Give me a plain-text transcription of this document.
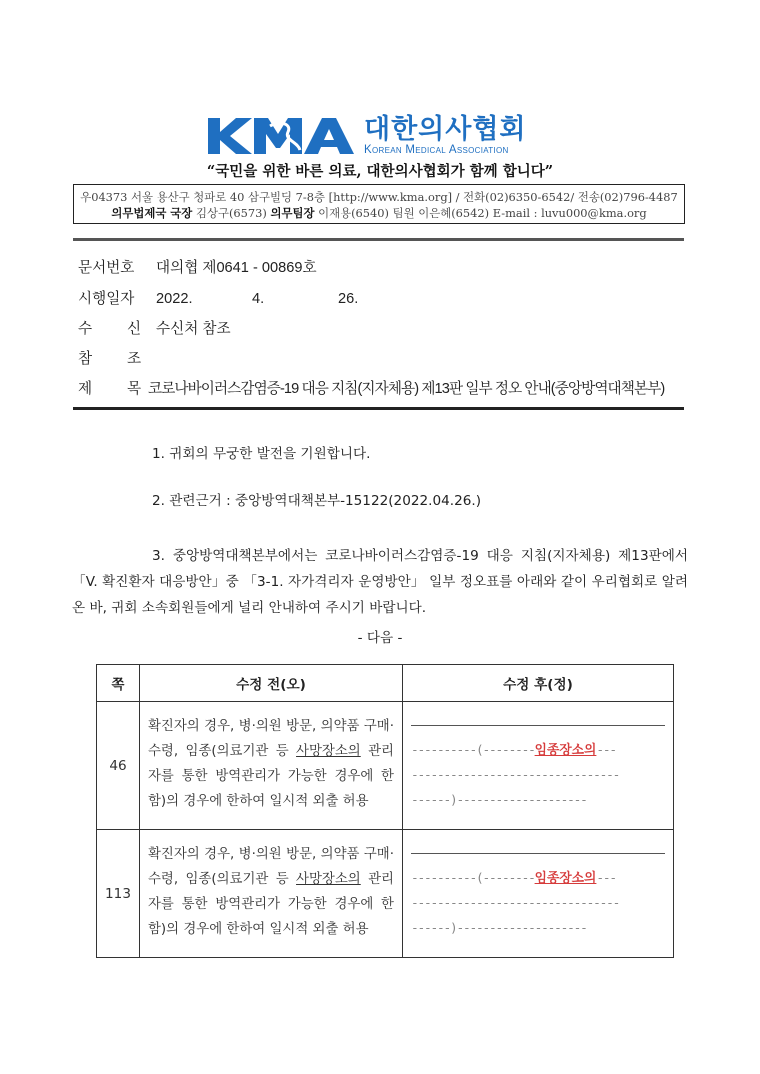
대한의사협회
Korean Medical Association
“국민을 위한 바른 의료, 대한의사협회가 함께 합니다”
우04373 서울 용산구 청파로 40 삼구빌딩 7-8층 [http://www.kma.org] / 전화(02)6350-6542/ 전송(02)796-4487
의무법제국 국장 김상구(6573) 의무팀장 이재용(6540) 팀원 이은혜(6542) E-mail : luvu000@kma.org
문서번호 대의협 제0641 - 00869호
시행일자 2022.	4.	26.
수 신 수신처 참조
참 조
제 목 코로나바이러스감염증-19 대응 지침(지자체용) 제13판 일부 정오 안내(중앙방역대책본부)
1. 귀회의 무궁한 발전을 기원합니다.
2. 관련근거 : 중앙방역대책본부-15122(2022.04.26.)
3. 중앙방역대책본부에서는 코로나바이러스감염증-19 대응 지침(지자체용) 제13판에서 「V. 확진환자 대응방안」중 「3-1. 자가격리자 운영방안」 일부 정오표를 아래와 같이 우리협회로 알려온 바, 귀회 소속회원들에게 널리 안내하여 주시기 바랍니다.
- 다음 -
쪽	수정 전(오)	수정 후(정)
46	확진자의 경우, 병·의원 방문, 의약품 구매·수령, 임종(의료기관 등 사망장소의 관리자를 통한 방역관리가 가능한 경우에 한함)의 경우에 한하여 일시적 외출 허용	----------(--------임종장소의---
--------------------------------
------)--------------------

113	확진자의 경우, 병·의원 방문, 의약품 구매·수령, 임종(의료기관 등 사망장소의 관리자를 통한 방역관리가 가능한 경우에 한함)의 경우에 한하여 일시적 외출 허용	----------(--------임종장소의---
--------------------------------
------)--------------------
